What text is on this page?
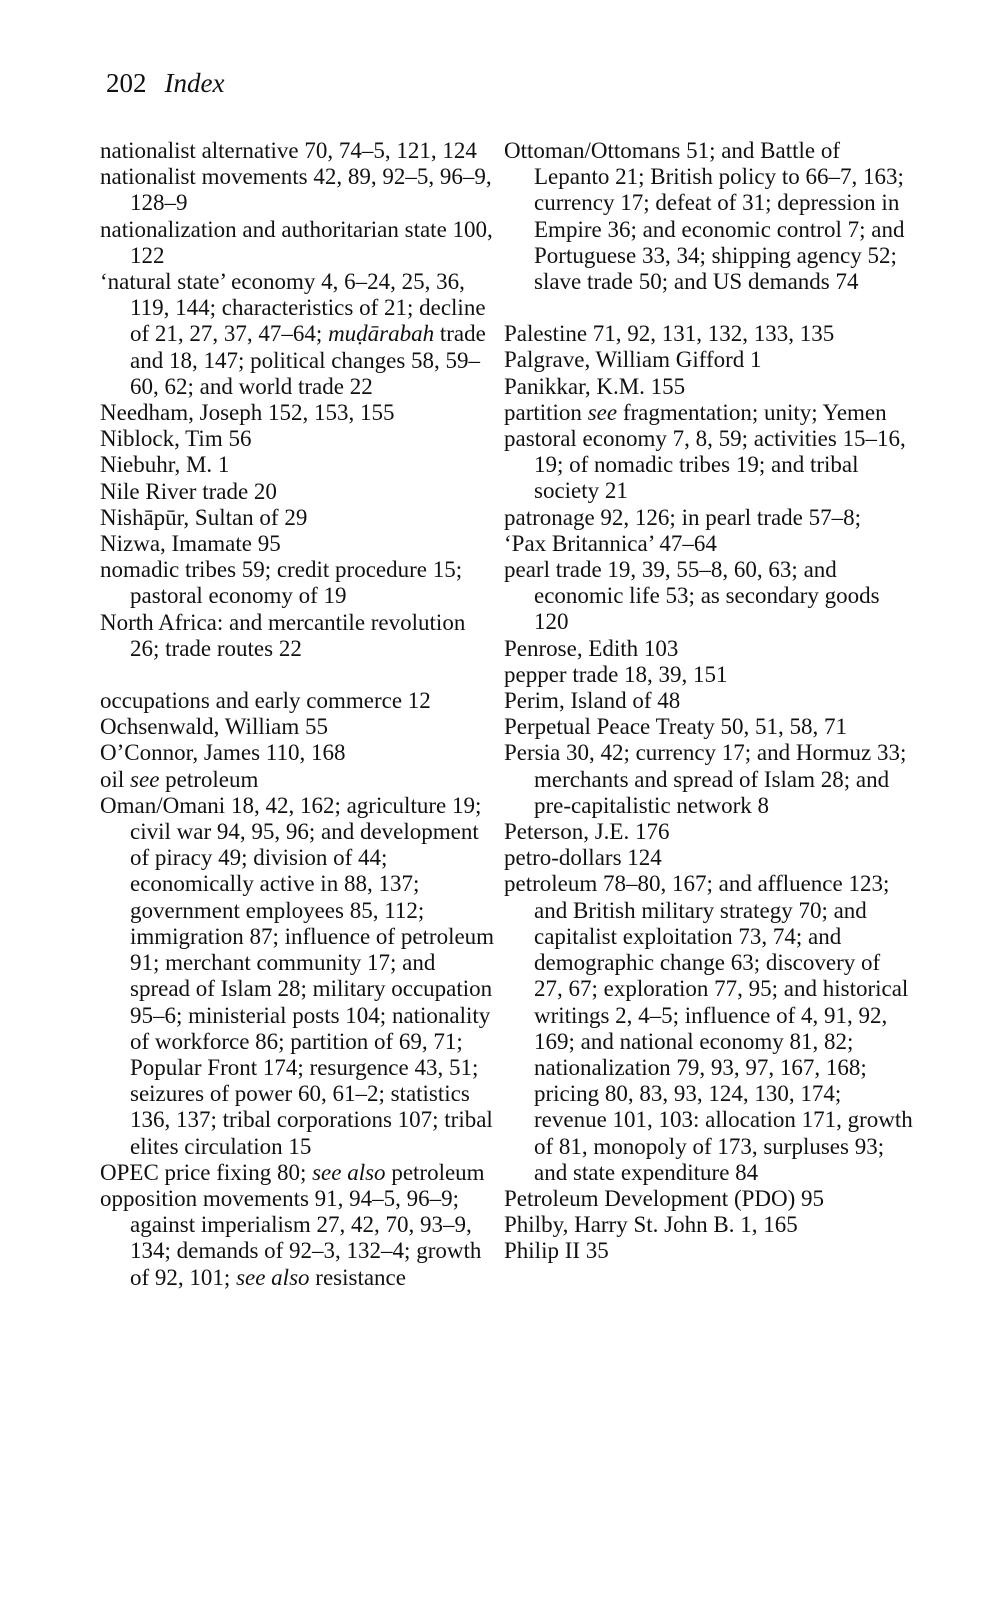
202 Index

nationalist alternative 70, 74–5, 121, 124

nationalist movements 42, 89, 92–5, 96–9, 128–9

nationalization and authoritarian state 100, 122

‘natural state’ economy 4, 6–24, 25, 36, 119, 144; characteristics of 21; decline of 21, 27, 37, 47–64; muḍārabah trade and 18, 147; political changes 58, 59–60, 62; and world trade 22

Needham, Joseph 152, 153, 155

Niblock, Tim 56

Niebuhr, M. 1

Nile River trade 20

Nishāpūr, Sultan of 29

Nizwa, Imamate 95

nomadic tribes 59; credit procedure 15; pastoral economy of 19

North Africa: and mercantile revolution 26; trade routes 22

occupations and early commerce 12

Ochsenwald, William 55

O’Connor, James 110, 168

oil see petroleum

Oman/Omani 18, 42, 162; agriculture 19; civil war 94, 95, 96; and development of piracy 49; division of 44; economically active in 88, 137; government employees 85, 112; immigration 87; influence of petroleum 91; merchant community 17; and spread of Islam 28; military occupation 95–6; ministerial posts 104; nationality of workforce 86; partition of 69, 71; Popular Front 174; resurgence 43, 51; seizures of power 60, 61–2; statistics 136, 137; tribal corporations 107; tribal elites circulation 15

OPEC price fixing 80; see also petroleum

opposition movements 91, 94–5, 96–9; against imperialism 27, 42, 70, 93–9, 134; demands of 92–3, 132–4; growth of 92, 101; see also resistance

Ottoman/Ottomans 51; and Battle of Lepanto 21; British policy to 66–7, 163; currency 17; defeat of 31; depression in Empire 36; and economic control 7; and Portuguese 33, 34; shipping agency 52; slave trade 50; and US demands 74

Palestine 71, 92, 131, 132, 133, 135

Palgrave, William Gifford 1

Panikkar, K.M. 155

partition see fragmentation; unity; Yemen

pastoral economy 7, 8, 59; activities 15–16, 19; of nomadic tribes 19; and tribal society 21

patronage 92, 126; in pearl trade 57–8;

‘Pax Britannica’ 47–64

pearl trade 19, 39, 55–8, 60, 63; and economic life 53; as secondary goods 120

Penrose, Edith 103

pepper trade 18, 39, 151

Perim, Island of 48

Perpetual Peace Treaty 50, 51, 58, 71

Persia 30, 42; currency 17; and Hormuz 33; merchants and spread of Islam 28; and pre-capitalistic network 8

Peterson, J.E. 176

petro-dollars 124

petroleum 78–80, 167; and affluence 123; and British military strategy 70; and capitalist exploitation 73, 74; and demographic change 63; discovery of 27, 67; exploration 77, 95; and historical writings 2, 4–5; influence of 4, 91, 92, 169; and national economy 81, 82; nationalization 79, 93, 97, 167, 168; pricing 80, 83, 93, 124, 130, 174; revenue 101, 103: allocation 171, growth of 81, monopoly of 173, surpluses 93; and state expenditure 84

Petroleum Development (PDO) 95

Philby, Harry St. John B. 1, 165

Philip II 35
